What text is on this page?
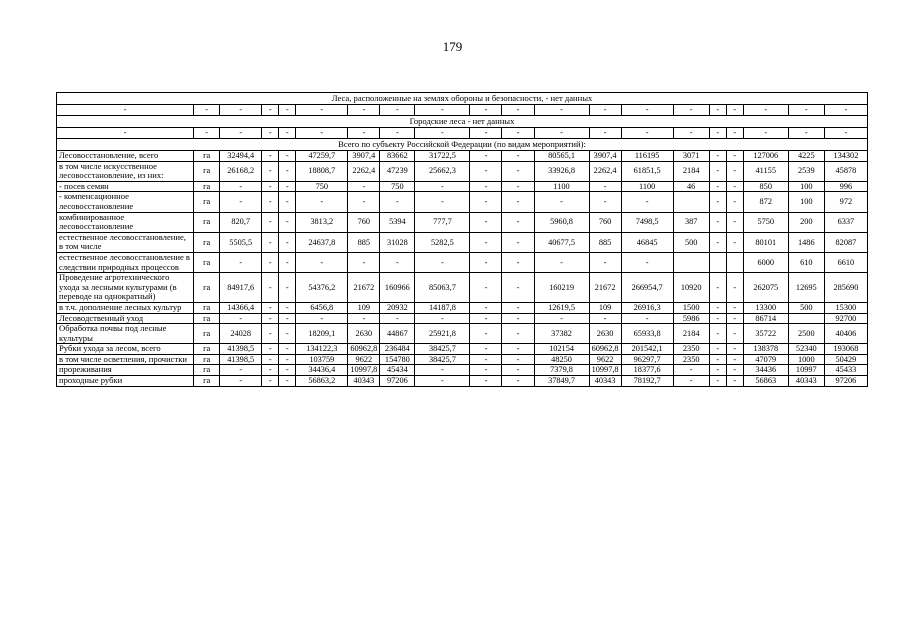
179
Леса, расположенные на землях обороны и безопасности, - нет данных																			
-	-	-	-	-	-	-	-	-	-	-	-	-	-	-	-	-	-	-	-
Городские леса - нет данных																			
-	-	-	-	-	-	-	-	-	-	-	-	-	-	-	-	-	-	-	-
Всего по субъекту Российской Федерации (по видам мероприятий):																			
Лесовосстановление, всего	га	32494,4	-	-	47259,7	3907,4	83662	31722,5	-	-	80565,1	3907,4	116195	3071	-	-	127006	4225	134302
в том числе искусственное лесовосстановление, из них:	га	26168,2	-	-	18808,7	2262,4	47239	25662,3	-	-	33926,8	2262,4	61851,5	2184	-	-	41155	2539	45878
- посев семян	га	-	-	-	750	-	750	-	-	-	1100	-	1100	46	-	-	850	100	996
- компенсационное лесовосстановление	га	-	-	-	-	-	-	-	-	-	-	-	-		-	-	872	100	972
комбинированное лесовосстановление	га	820,7	-	-	3813,2	760	5394	777,7	-	-	5960,8	760	7498,5	387	-	-	5750	200	6337
естественное лесовосстановление, в том числе	га	5505,5	-	-	24637,8	885	31028	5282,5	-	-	40677,5	885	46845	500	-	-	80101	1486	82087
естественное лесовосстановление в следствии природных процессов	га	-	-	-	-	-	-	-	-	-	-	-	-				6000	610	6610
Проведение агротехнического ухода за лесными культурами (в переводе на однократный)	га	84917,6	-	-	54376,2	21672	160966	85063,7	-	-	160219	21672	266954,7	10920	-	-	262075	12695	285690
в т.ч. дополнение лесных культур	га	14366,4	-	-	6456,8	109	20932	14187,8	-	-	12619,5	109	26916,3	1500	-	-	13300	500	15300
Лесоводственный уход	га	-	-	-	-	-	-	-	-	-	-	-	-	5986	-	-	86714		92700
Обработка почвы под лесные культуры	га	24028	-	-	18209,1	2630	44867	25921,8	-	-	37382	2630	65933,8	2184	-	-	35722	2500	40406
Рубки ухода за лесом, всего	га	41398,5	-	-	134122,3	60962,8	236484	38425,7	-	-	102154	60962,8	201542,1	2350	-	-	138378	52340	193068
в том числе осветления, прочистки	га	41398,5	-	-	103759	9622	154780	38425,7	-	-	48250	9622	96297,7	2350	-	-	47079	1000	50429
прореживания	га	-	-	-	34436,4	10997,8	45434	-	-	-	7379,8	10997,8	18377,6	-	-	-	34436	10997	45433
проходные рубки	га	-	-	-	56863,2	40343	97206	-	-	-	37849,7	40343	78192,7	-	-	-	56863	40343	97206
